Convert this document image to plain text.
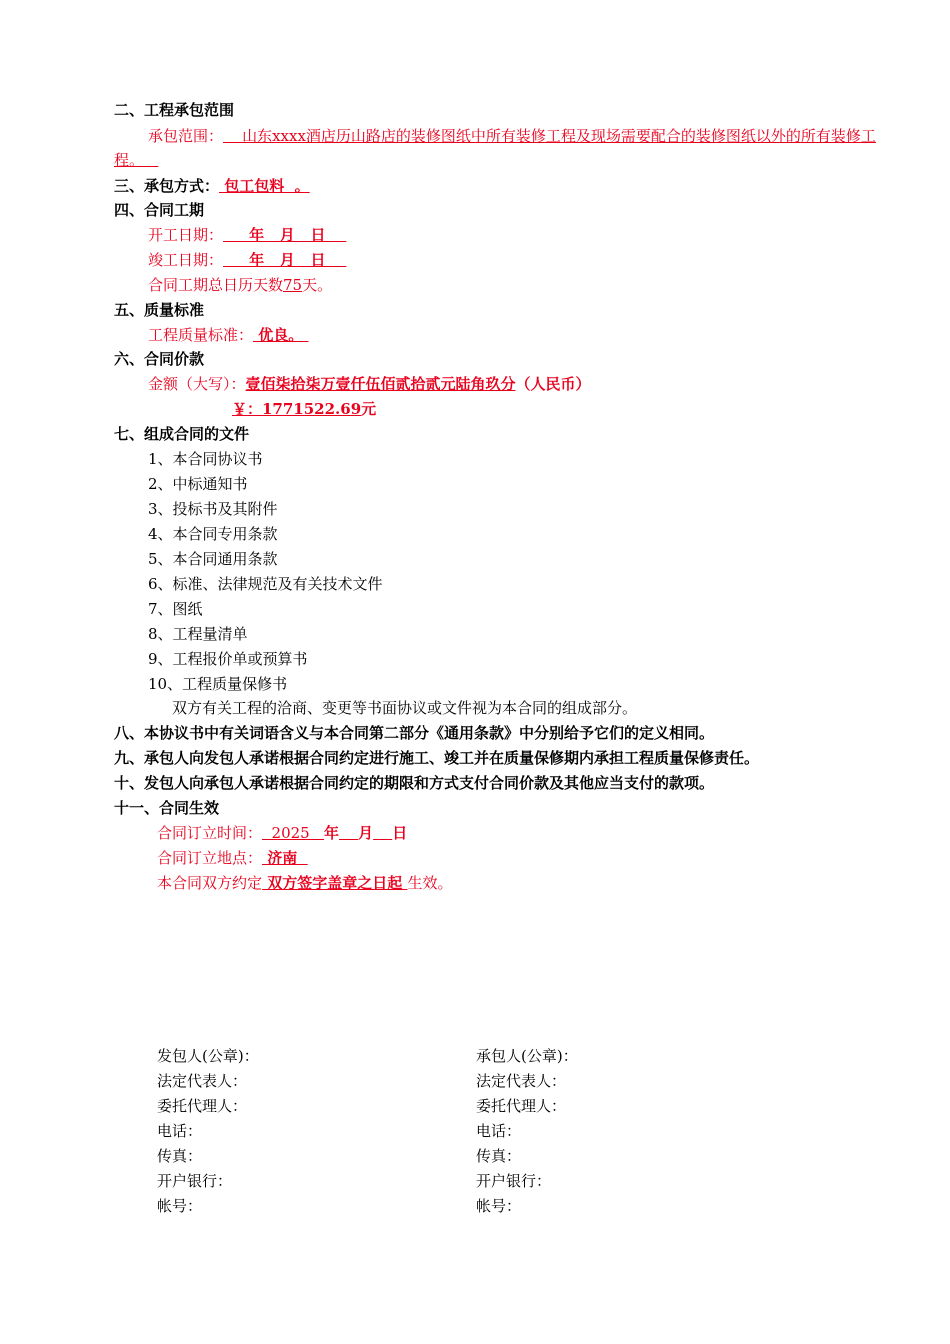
二、工程承包范围
承包范围：    山东xxxx酒店历山路店的装修图纸中所有装修工程及现场需要配合的装修图纸以外的所有装修工程。
三、承包方式： 包工包料  。
四、合同工期
开工日期：     年   月   日
竣工日期：     年   月   日
合同工期总日历天数75天。
五、质量标准
工程质量标准： 优良。
六、合同价款
金额（大写）：壹佰柒拾柒万壹仟伍佰贰拾贰元陆角玖分（人民币）
￥：1771522.69元
七、组成合同的文件
1、本合同协议书
2、中标通知书
3、投标书及其附件
4、本合同专用条款
5、本合同通用条款
6、标准、法律规范及有关技术文件
7、图纸
8、工程量清单
9、工程报价单或预算书
10、工程质量保修书
双方有关工程的洽商、变更等书面协议或文件视为本合同的组成部分。
八、本协议书中有关词语含义与本合同第二部分《通用条款》中分别给予它们的定义相同。
九、承包人向发包人承诺根据合同约定进行施工、竣工并在质量保修期内承担工程质量保修责任。
十、发包人向承包人承诺根据合同约定的期限和方式支付合同价款及其他应当支付的款项。
十一、合同生效
合同订立时间：  2025   年 月 日
合同订立地点： 济南
本合同双方约定 双方签字盖章之日起 生效。
发包人(公章)：
法定代表人：
委托代理人：
电话：
传真：
开户银行：
帐号：
承包人(公章)：
法定代表人：
委托代理人：
电话：
传真：
开户银行：
帐号：
